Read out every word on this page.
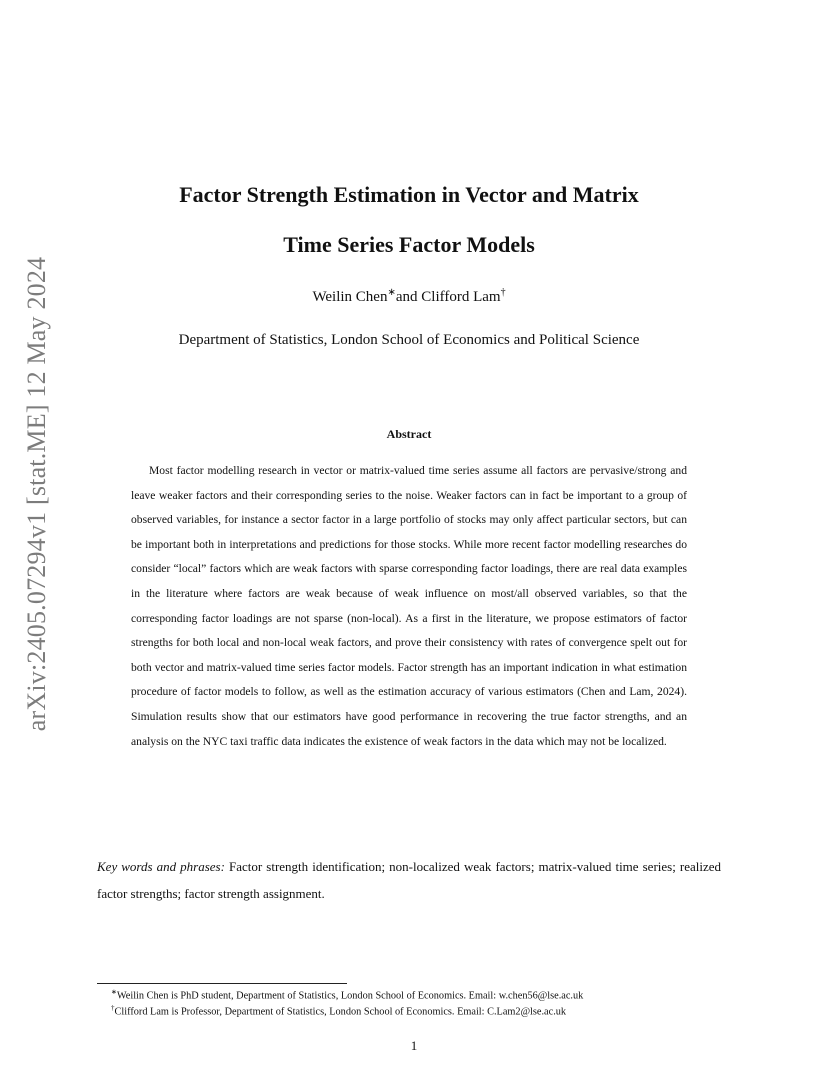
arXiv:2405.07294v1 [stat.ME] 12 May 2024
Factor Strength Estimation in Vector and Matrix
Time Series Factor Models

Weilin Chen∗and Clifford Lam†

Department of Statistics, London School of Economics and Political Science

Abstract

Most factor modelling research in vector or matrix-valued time series assume all factors are pervasive/strong and leave weaker factors and their corresponding series to the noise. Weaker factors can in fact be important to a group of observed variables, for instance a sector factor in a large portfolio of stocks may only affect particular sectors, but can be important both in interpretations and predictions for those stocks. While more recent factor modelling researches do consider “local” factors which are weak factors with sparse corresponding factor loadings, there are real data examples in the literature where factors are weak because of weak influence on most/all observed variables, so that the corresponding factor loadings are not sparse (non-local). As a first in the literature, we propose estimators of factor strengths for both local and non-local weak factors, and prove their consistency with rates of convergence spelt out for both vector and matrix-valued time series factor models. Factor strength has an important indication in what estimation procedure of factor models to follow, as well as the estimation accuracy of various estimators (Chen and Lam, 2024). Simulation results show that our estimators have good performance in recovering the true factor strengths, and an analysis on the NYC taxi traffic data indicates the existence of weak factors in the data which may not be localized.

Key words and phrases: Factor strength identification; non-localized weak factors; matrix-valued time series; realized factor strengths; factor strength assignment.

∗Weilin Chen is PhD student, Department of Statistics, London School of Economics. Email: w.chen56@lse.ac.uk
†Clifford Lam is Professor, Department of Statistics, London School of Economics. Email: C.Lam2@lse.ac.uk

1
